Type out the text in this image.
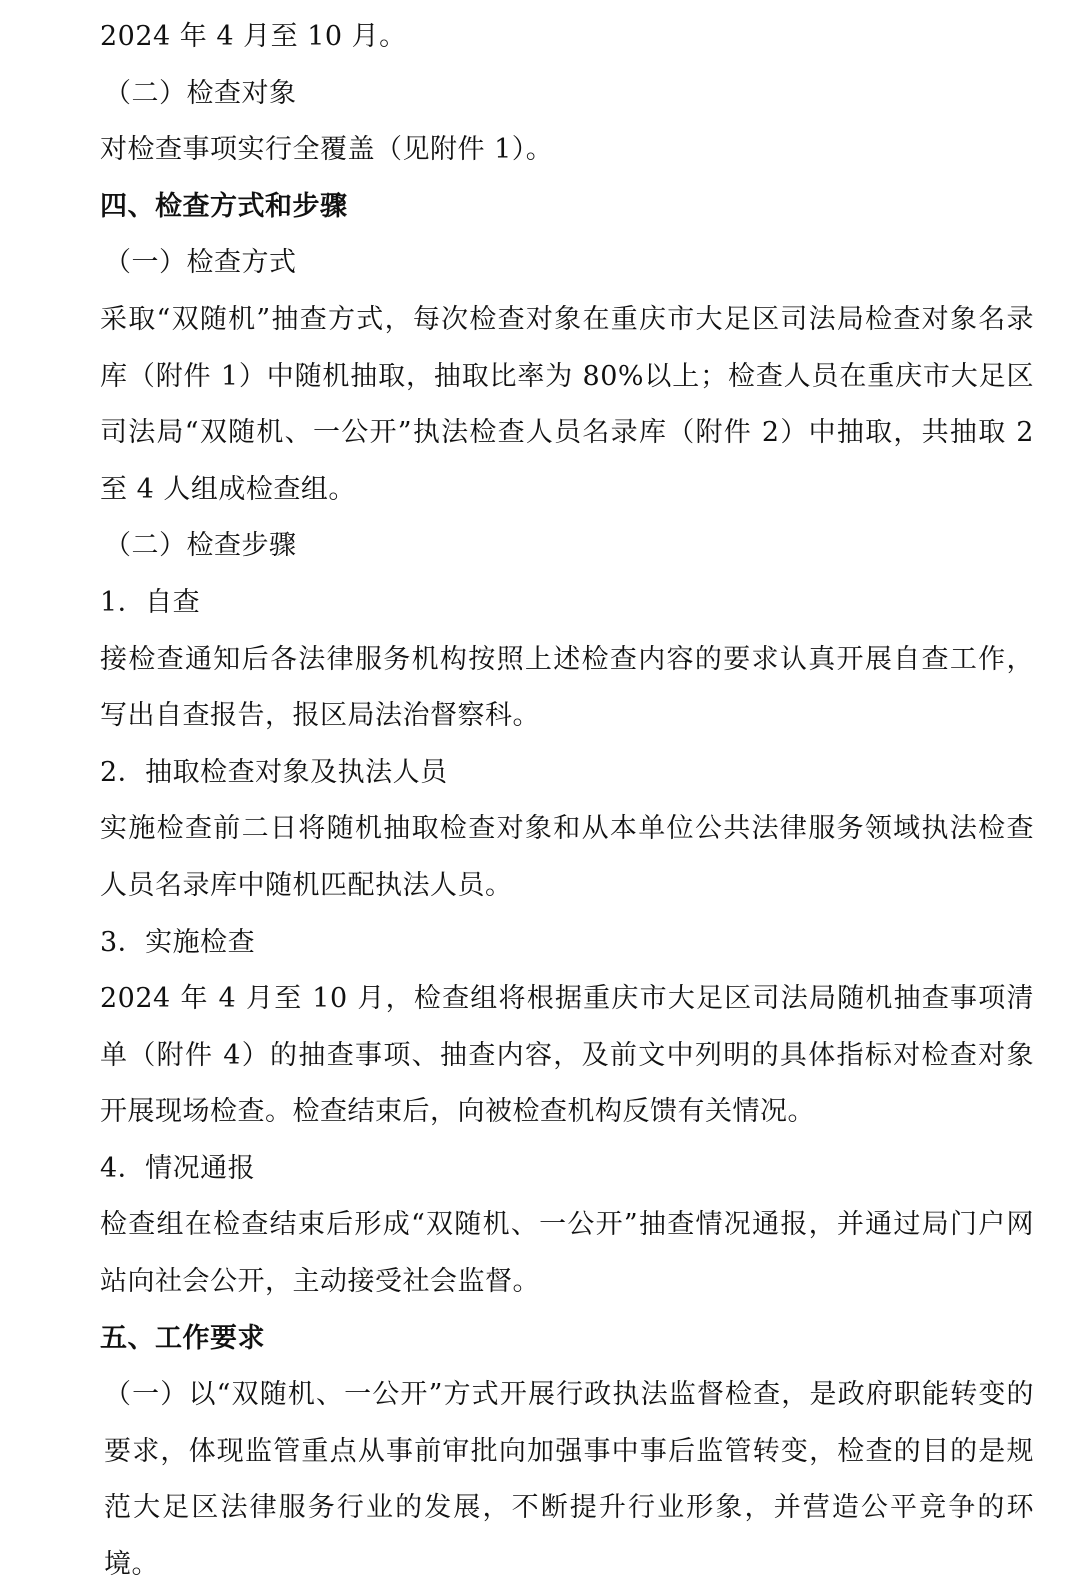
2024 年 4 月至 10 月。

（二）检查对象

对检查事项实行全覆盖（见附件 1）。

四、检查方式和步骤

（一）检查方式

采取“双随机”抽查方式，每次检查对象在重庆市大足区司法局检查对象名录库（附件 1）中随机抽取，抽取比率为 80%以上；检查人员在重庆市大足区司法局“双随机、一公开”执法检查人员名录库（附件 2）中抽取，共抽取 2 至 4 人组成检查组。

（二）检查步骤

1．自查

接检查通知后各法律服务机构按照上述检查内容的要求认真开展自查工作，写出自查报告，报区局法治督察科。

2．抽取检查对象及执法人员

实施检查前二日将随机抽取检查对象和从本单位公共法律服务领域执法检查人员名录库中随机匹配执法人员。

3．实施检查

2024 年 4 月至 10 月，检查组将根据重庆市大足区司法局随机抽查事项清单（附件 4）的抽查事项、抽查内容，及前文中列明的具体指标对检查对象开展现场检查。检查结束后，向被检查机构反馈有关情况。

4．情况通报

检查组在检查结束后形成“双随机、一公开”抽查情况通报，并通过局门户网站向社会公开，主动接受社会监督。

五、工作要求

（一）以“双随机、一公开”方式开展行政执法监督检查，是政府职能转变的要求，体现监管重点从事前审批向加强事中事后监管转变，检查的目的是规范大足区法律服务行业的发展，不断提升行业形象，并营造公平竞争的环境。
